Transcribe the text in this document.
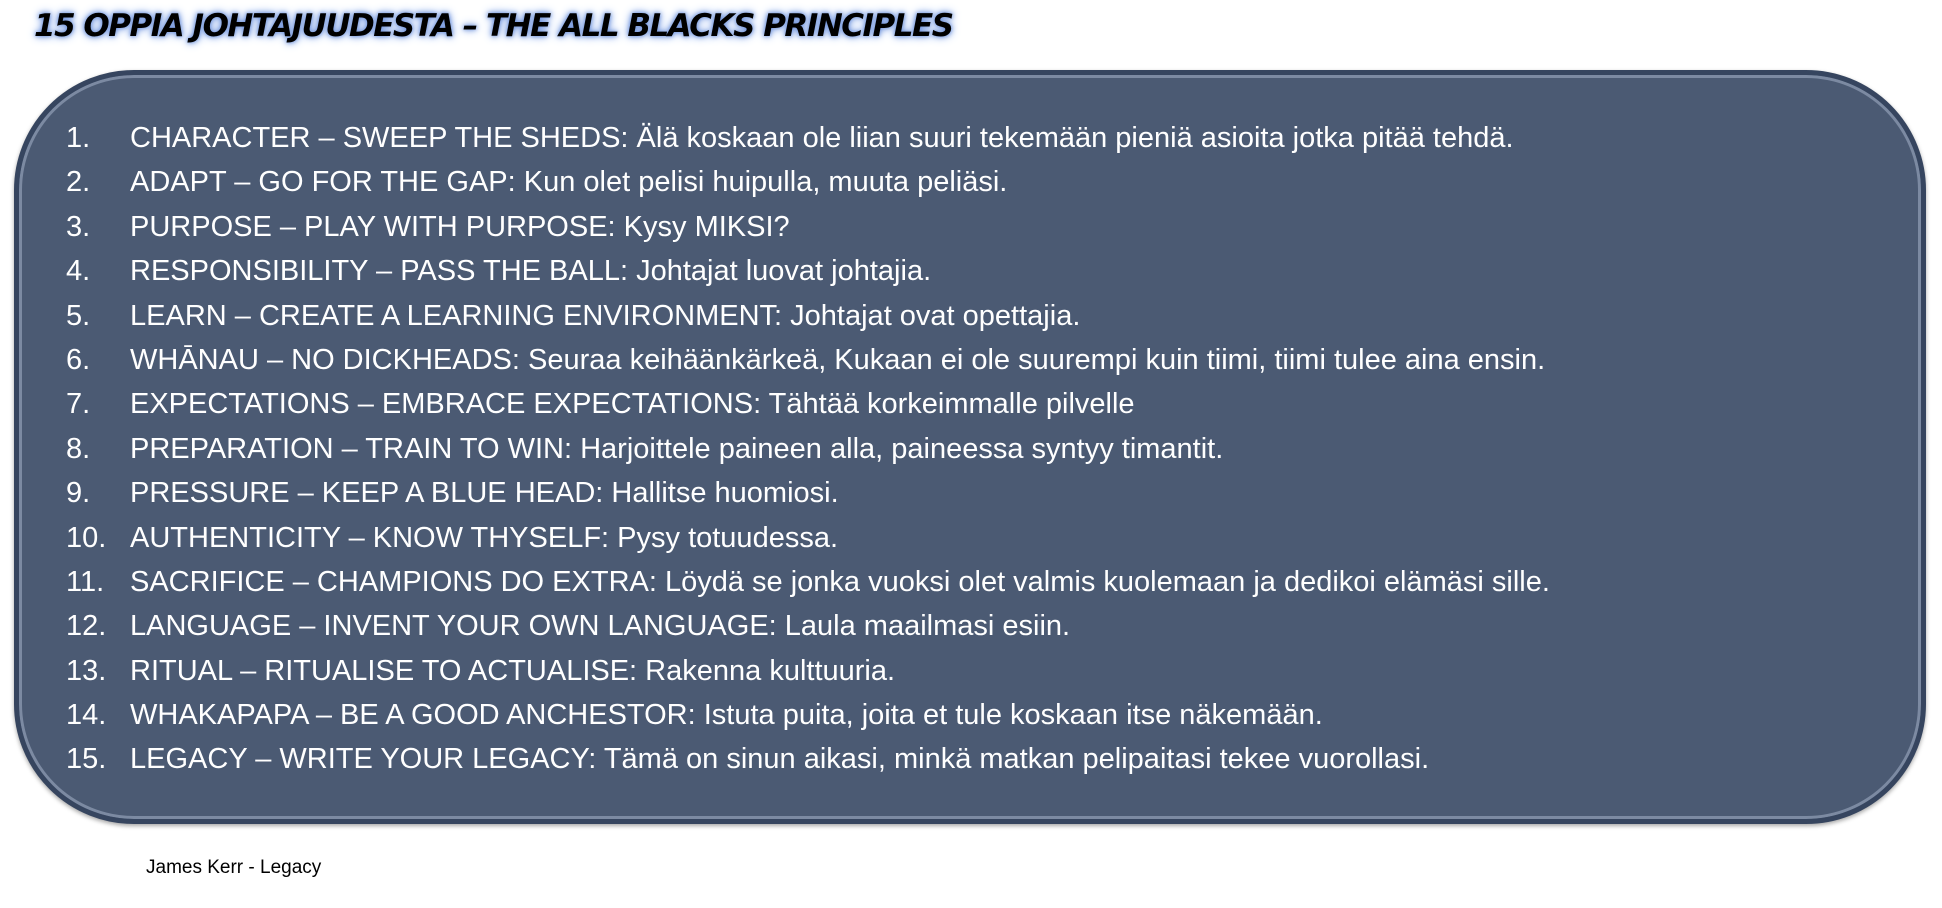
15 OPPIA JOHTAJUUDESTA – THE ALL BLACKS PRINCIPLES
1.	CHARACTER – SWEEP THE SHEDS: Älä koskaan ole liian suuri tekemään pieniä asioita jotka pitää tehdä.
2.	ADAPT – GO FOR THE GAP: Kun olet pelisi huipulla, muuta peliäsi.
3.	PURPOSE – PLAY WITH PURPOSE: Kysy MIKSI?
4.	RESPONSIBILITY – PASS THE BALL: Johtajat luovat johtajia.
5.	LEARN – CREATE A LEARNING ENVIRONMENT: Johtajat ovat opettajia.
6.	WHĀNAU – NO DICKHEADS: Seuraa keihäänkärkeä, Kukaan ei ole suurempi kuin tiimi, tiimi tulee aina ensin.
7.	EXPECTATIONS – EMBRACE EXPECTATIONS: Tähtää korkeimmalle pilvelle
8.	PREPARATION – TRAIN TO WIN: Harjoittele paineen alla, paineessa syntyy timantit.
9.	PRESSURE – KEEP A BLUE HEAD: Hallitse huomiosi.
10. AUTHENTICITY – KNOW THYSELF: Pysy totuudessa.
11. SACRIFICE – CHAMPIONS DO EXTRA: Löydä se jonka vuoksi olet valmis kuolemaan ja dedikoi elämäsi sille.
12. LANGUAGE – INVENT YOUR OWN LANGUAGE: Laula maailmasi esiin.
13. RITUAL – RITUALISE TO ACTUALISE: Rakenna kulttuuria.
14. WHAKAPAPA – BE A GOOD ANCHESTOR: Istuta puita, joita et tule koskaan itse näkemään.
15. LEGACY – WRITE YOUR LEGACY: Tämä on sinun aikasi, minkä matkan pelipaitasi tekee vuorollasi.
James Kerr - Legacy
